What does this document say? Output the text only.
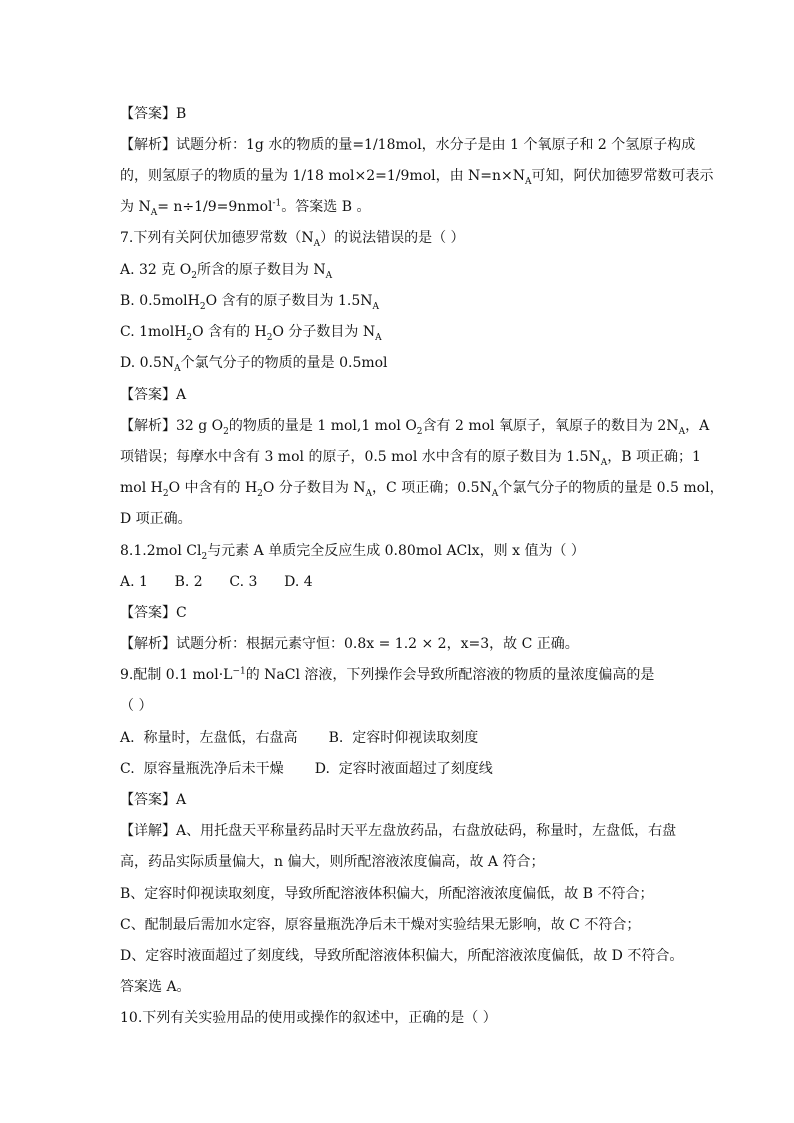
【答案】B
【解析】试题分析：1g 水的物质的量=1/18mol，水分子是由 1 个氧原子和 2 个氢原子构成
的，则氢原子的物质的量为 1/18 mol×2=1/9mol，由 $N=n\times N_A$可知，阿伏加德罗常数可表示
为 $N_A=$ n÷1/9=9nmol$^{-1}$。答案选 B 。
7.下列有关阿伏加德罗常数$(N_A)$的说法错误的是（ ）
A. 32 克 $O_2$所含的原子数目为 $N_A$
B. 0.5molH$_2$O 含有的原子数目为 $1.5N_A$
C. 1molH$_2$O 含有的 $H_2O$ 分子数目为 $N_A$
D. $0.5N_A$个氯气分子的物质的量是 0.5mol
【答案】A
【解析】32 g $O_2$的物质的量是 1 mol,1 mol $O_2$含有 2 mol 氧原子，氧原子的数目为 $2N_A$，A
项错误；每摩水中含有 3 mol 的原子，0.5 mol 水中含有的原子数目为 $1.5N_A$，B 项正确；1
mol $H_2O$ 中含有的 $H_2O$ 分子数目为 $N_A$，C 项正确；$0.5N_A$个氯气分子的物质的量是 0.5 mol，
D 项正确。
8.1.2mol $Cl_2$与元素 A 单质完全反应生成 0.80mol AClx，则 x 值为（ ）
A. 1      B. 2      C. 3      D. 4
【答案】C
【解析】试题分析：根据元素守恒：0.8x = 1.2 × 2，x=3，故 C 正确。
9.配制 0.1 $mol\cdot L^{-1}$的 NaCl 溶液，下列操作会导致所配溶液的物质的量浓度偏高的是
（ ）
A.  称量时，左盘低，右盘高       B.  定容时仰视读取刻度
C.  原容量瓶洗净后未干燥       D.  定容时液面超过了刻度线
【答案】A
【详解】A、用托盘天平称量药品时天平左盘放药品，右盘放砝码，称量时，左盘低，右盘
高，药品实际质量偏大，n 偏大，则所配溶液浓度偏高，故 A 符合；
B、定容时仰视读取刻度，导致所配溶液体积偏大，所配溶液浓度偏低，故 B 不符合；
C、配制最后需加水定容，原容量瓶洗净后未干燥对实验结果无影响，故 C 不符合；
D、定容时液面超过了刻度线，导致所配溶液体积偏大，所配溶液浓度偏低，故 D 不符合。
答案选 A。
10.下列有关实验用品的使用或操作的叙述中，正确的是（ ）
